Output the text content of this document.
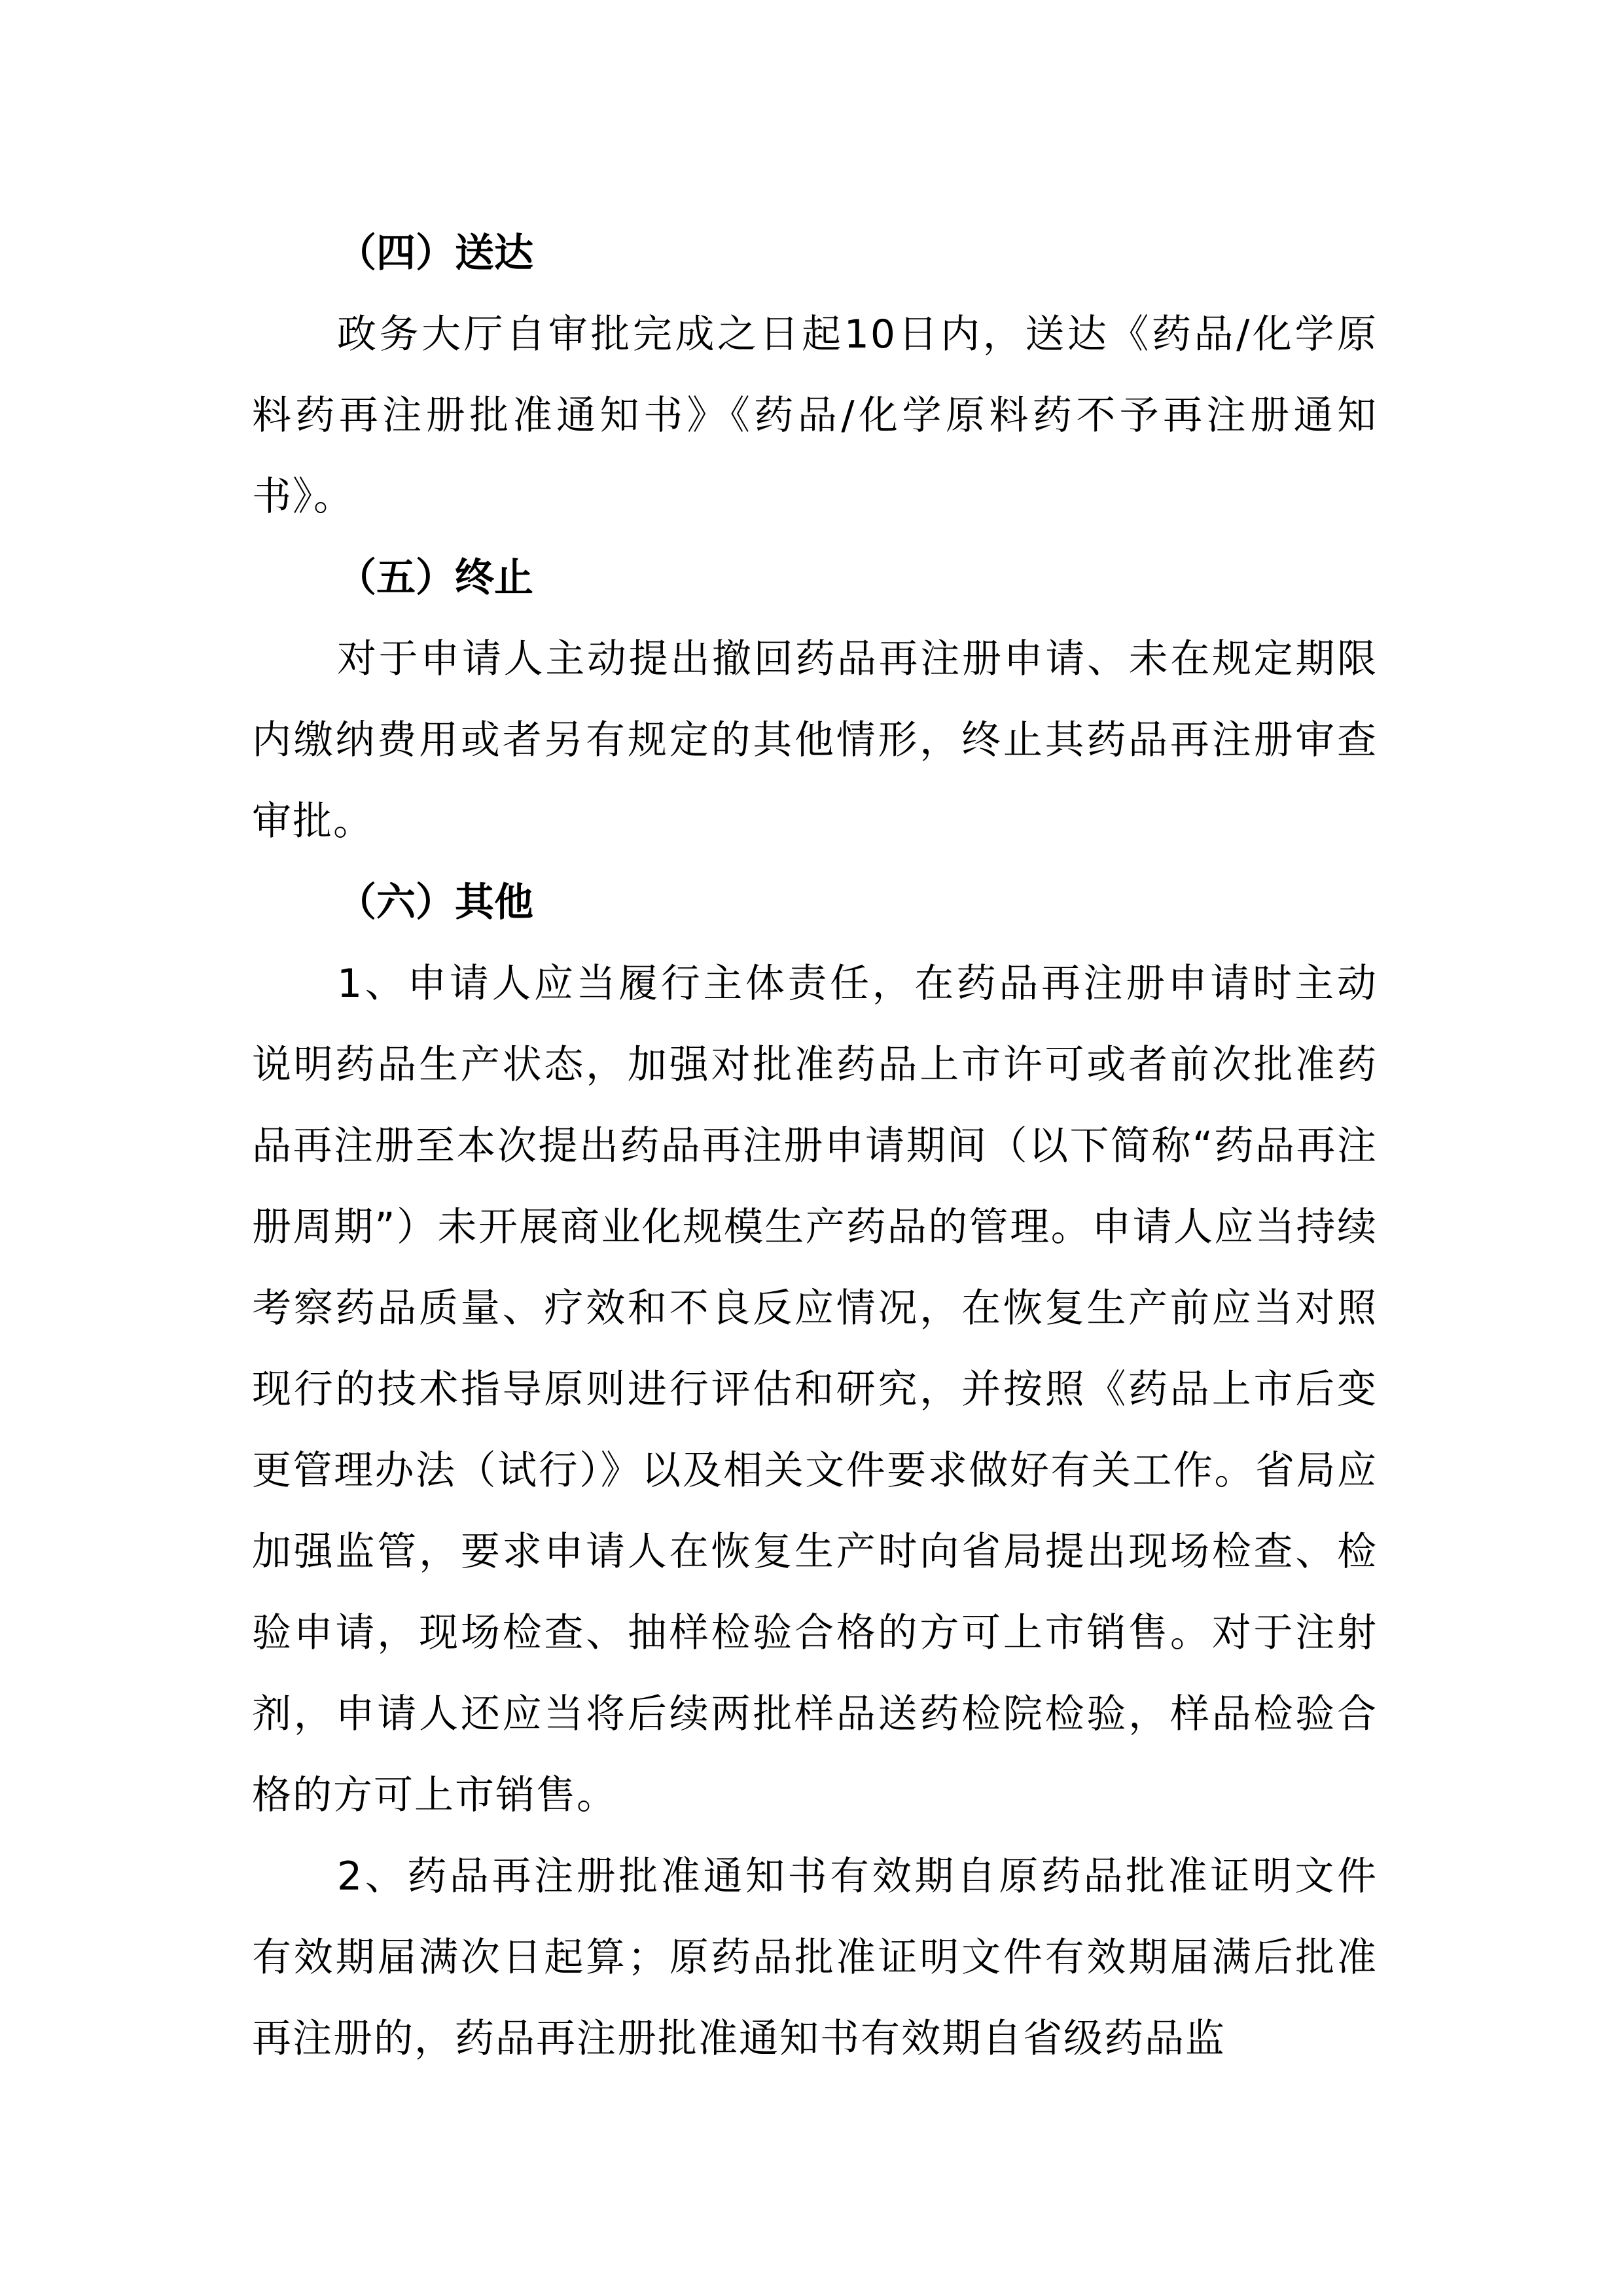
（四）送达

政务大厅自审批完成之日起10日内，送达《药品/化学原料药再注册批准通知书》《药品/化学原料药不予再注册通知书》。

（五）终止

对于申请人主动提出撤回药品再注册申请、未在规定期限内缴纳费用或者另有规定的其他情形，终止其药品再注册审查审批。

（六）其他

1、申请人应当履行主体责任，在药品再注册申请时主动说明药品生产状态，加强对批准药品上市许可或者前次批准药品再注册至本次提出药品再注册申请期间（以下简称“药品再注册周期”）未开展商业化规模生产药品的管理。申请人应当持续考察药品质量、疗效和不良反应情况，在恢复生产前应当对照现行的技术指导原则进行评估和研究，并按照《药品上市后变更管理办法（试行）》以及相关文件要求做好有关工作。省局应加强监管，要求申请人在恢复生产时向省局提出现场检查、检验申请，现场检查、抽样检验合格的方可上市销售。对于注射剂，申请人还应当将后续两批样品送药检院检验，样品检验合格的方可上市销售。

2、药品再注册批准通知书有效期自原药品批准证明文件有效期届满次日起算；原药品批准证明文件有效期届满后批准再注册的，药品再注册批准通知书有效期自省级药品监
